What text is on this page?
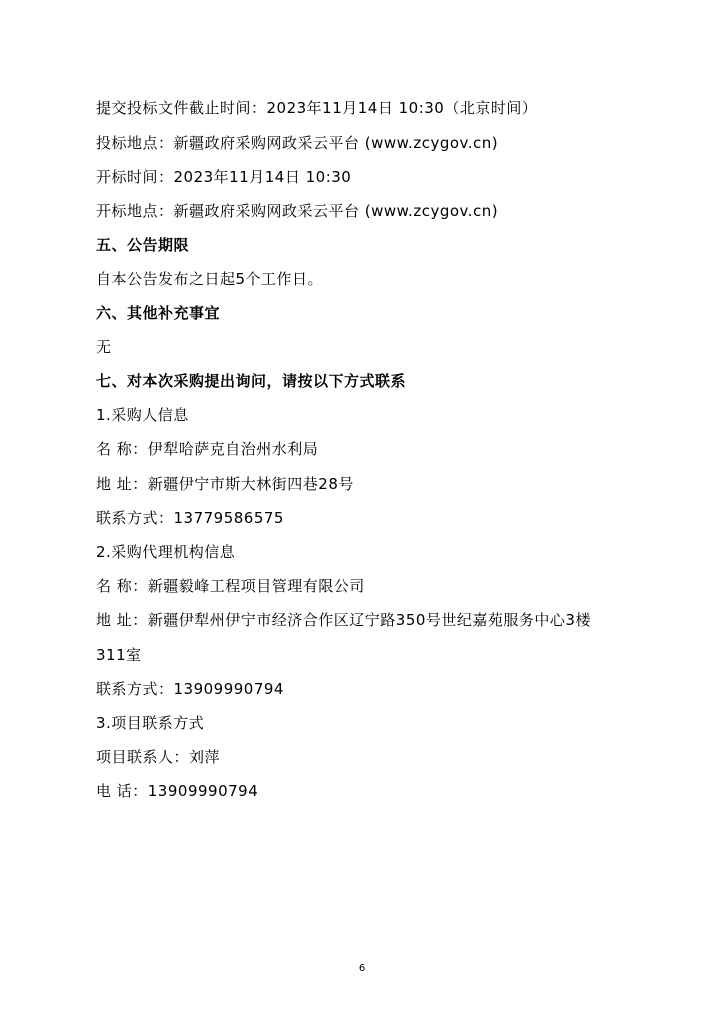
提交投标文件截止时间：2023年11月14日 10:30（北京时间）
投标地点：新疆政府采购网政采云平台 (www.zcygov.cn)
开标时间：2023年11月14日 10:30
开标地点：新疆政府采购网政采云平台 (www.zcygov.cn)
五、公告期限
自本公告发布之日起5个工作日。
六、其他补充事宜
无
七、对本次采购提出询问，请按以下方式联系
1.采购人信息
名 称：伊犁哈萨克自治州水利局
地 址：新疆伊宁市斯大林街四巷28号
联系方式：13779586575
2.采购代理机构信息
名 称：新疆毅峰工程项目管理有限公司
地 址：新疆伊犁州伊宁市经济合作区辽宁路350号世纪嘉苑服务中心3楼
311室
联系方式：13909990794
3.项目联系方式
项目联系人：刘萍
电 话：13909990794
6
